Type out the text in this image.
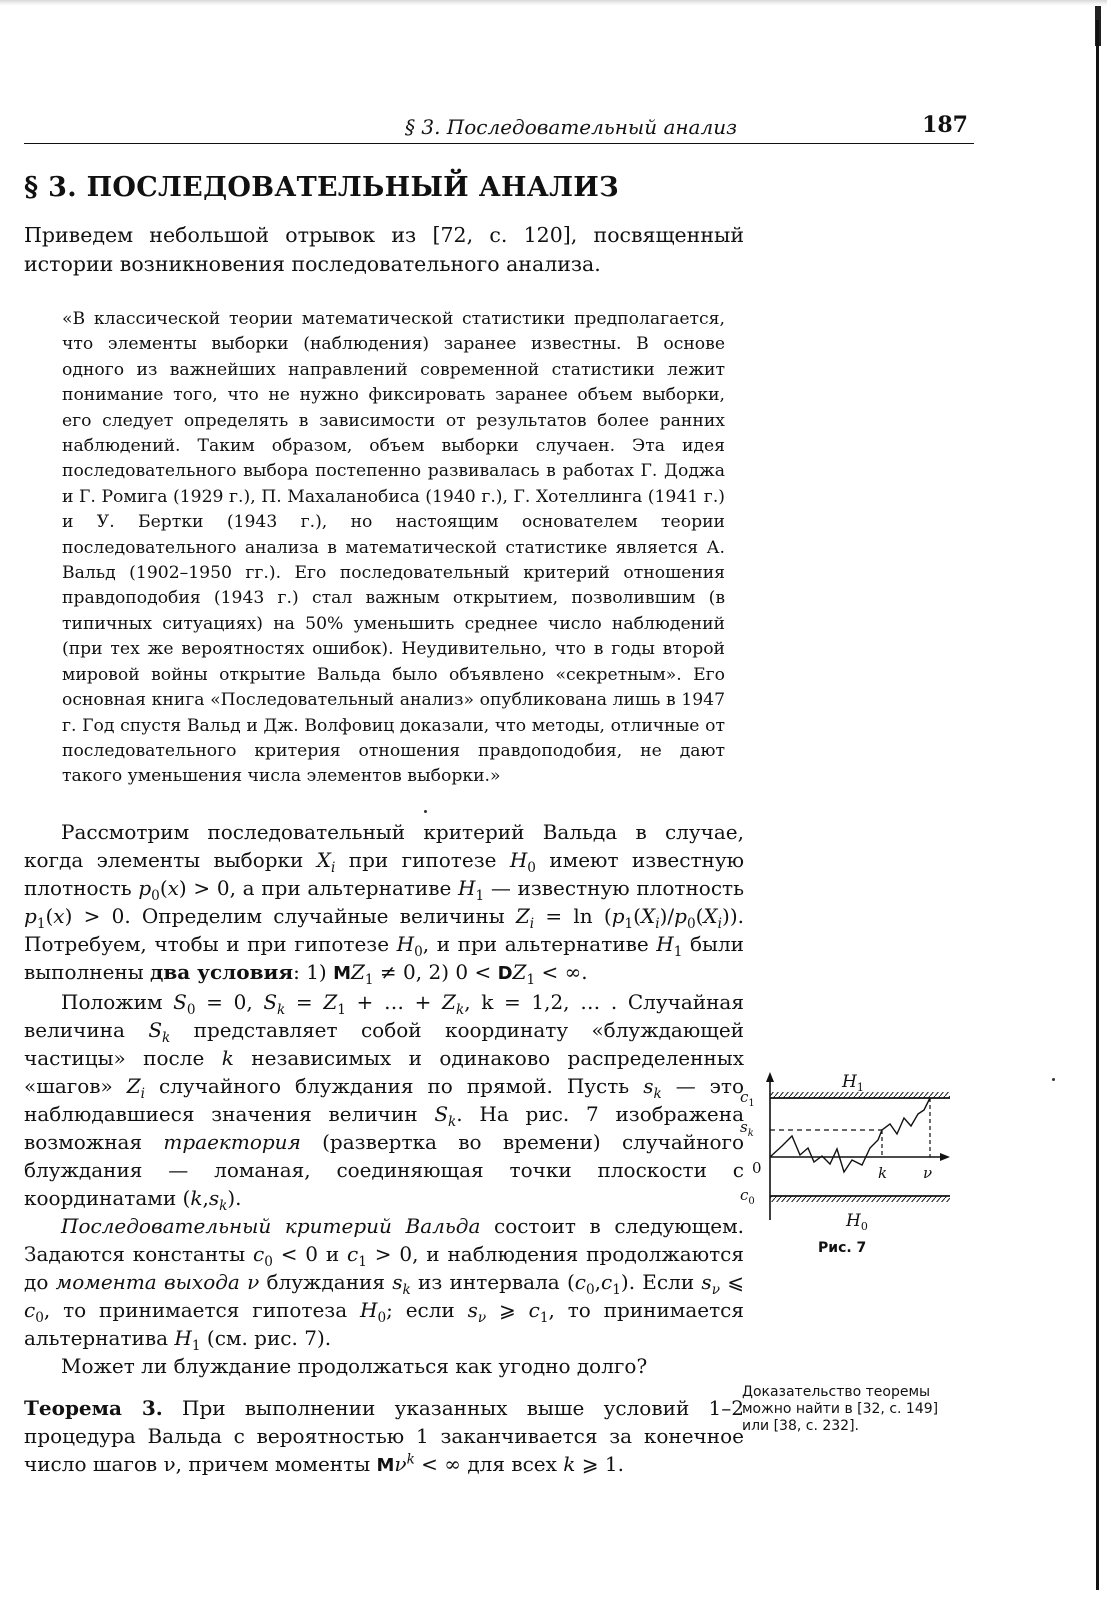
§ 3. Последовательный анализ	187
§ 3. ПОСЛЕДОВАТЕЛЬНЫЙ АНАЛИЗ

Приведем небольшой отрывок из [72, с. 120], посвященный истории возникновения последовательного анализа.

«В классической теории математической статистики предполагается, что элементы выборки (наблюдения) заранее известны. В основе одного из важнейших направлений современной статистики лежит понимание того, что не нужно фиксировать заранее объем выборки, его следует определять в зависимости от результатов более ранних наблюдений. Таким образом, объем выборки случаен. Эта идея последовательного выбора постепенно развивалась в работах Г. Доджа и Г. Ромига (1929 г.), П. Махаланобиса (1940 г.), Г. Хотеллинга (1941 г.) и У. Бертки (1943 г.), но настоящим основателем теории последовательного анализа в математической статистике является А. Вальд (1902–1950 гг.). Его последовательный критерий отношения правдоподобия (1943 г.) стал важным открытием, позволившим (в типичных ситуациях) на 50% уменьшить среднее число наблюдений (при тех же вероятностях ошибок). Неудивительно, что в годы второй мировой войны открытие Вальда было объявлено «секретным». Его основная книга «Последовательный анализ» опубликована лишь в 1947 г. Год спустя Вальд и Дж. Волфовиц доказали, что методы, отличные от последовательного критерия отношения правдоподобия, не дают такого уменьшения числа элементов выборки.»

Рассмотрим последовательный критерий Вальда в случае, когда элементы выборки $X_i$ при гипотезе $H_0$ имеют известную плотность $p_0(x) > 0$, а при альтернативе $H_1$ — известную плотность $p_1(x) > 0$. Определим случайные величины $Z_i = \ln (p_1(X_i)/p_0(X_i))$. Потребуем, чтобы и при гипотезе $H_0$, и при альтернативе $H_1$ были выполнены два условия: 1) $MZ_1 \ne 0$, 2) $0 < DZ_1$ < ∞.

Положим $S_0 = 0$, $S_k = Z_1$ + … + $Z_k$, k = 1,2, … . Случайная величина $S_k$ представляет собой координату «блуждающей частицы» после k независимых и одинаково распределенных «шагов» $Z_i$ случайного блуждания по прямой. Пусть $s_k$ — это наблюдавшиеся значения величин $S_k$. На рис. 7 изображена возможная траектория (развертка во времени) случайного блуждания — ломаная, соединяющая точки плоскости с координатами $(k,s_k)$.

Последовательный критерий Вальда состоит в следующем. Задаются константы $c_0 < 0$ и $c_1 > 0$, и наблюдения продолжаются до момента выхода ν блуждания $s_k$ из интервала $(c_0,c_1)$. Если $s_\nu$ ⩽ $c_0$, то принимается гипотеза $H_0$; если $s_\nu$ ⩾ $c_1$, то принимается альтернатива $H_1$ (см. рис. 7).

Может ли блуждание продолжаться как угодно долго?

Теорема 3. При выполнении указанных выше условий 1–2 процедура Вальда с вероятностью 1 заканчивается за конечное число шагов ν, причем моменты $M\nu^k$ < ∞ для всех k ⩾ 1.

$H_1$
$H_0$
$c_1$
$c_0$
$s_k$
0	k ν
Рис. 7
Доказательство теоремы можно найти в [32, с. 149] или [38, с. 232].
